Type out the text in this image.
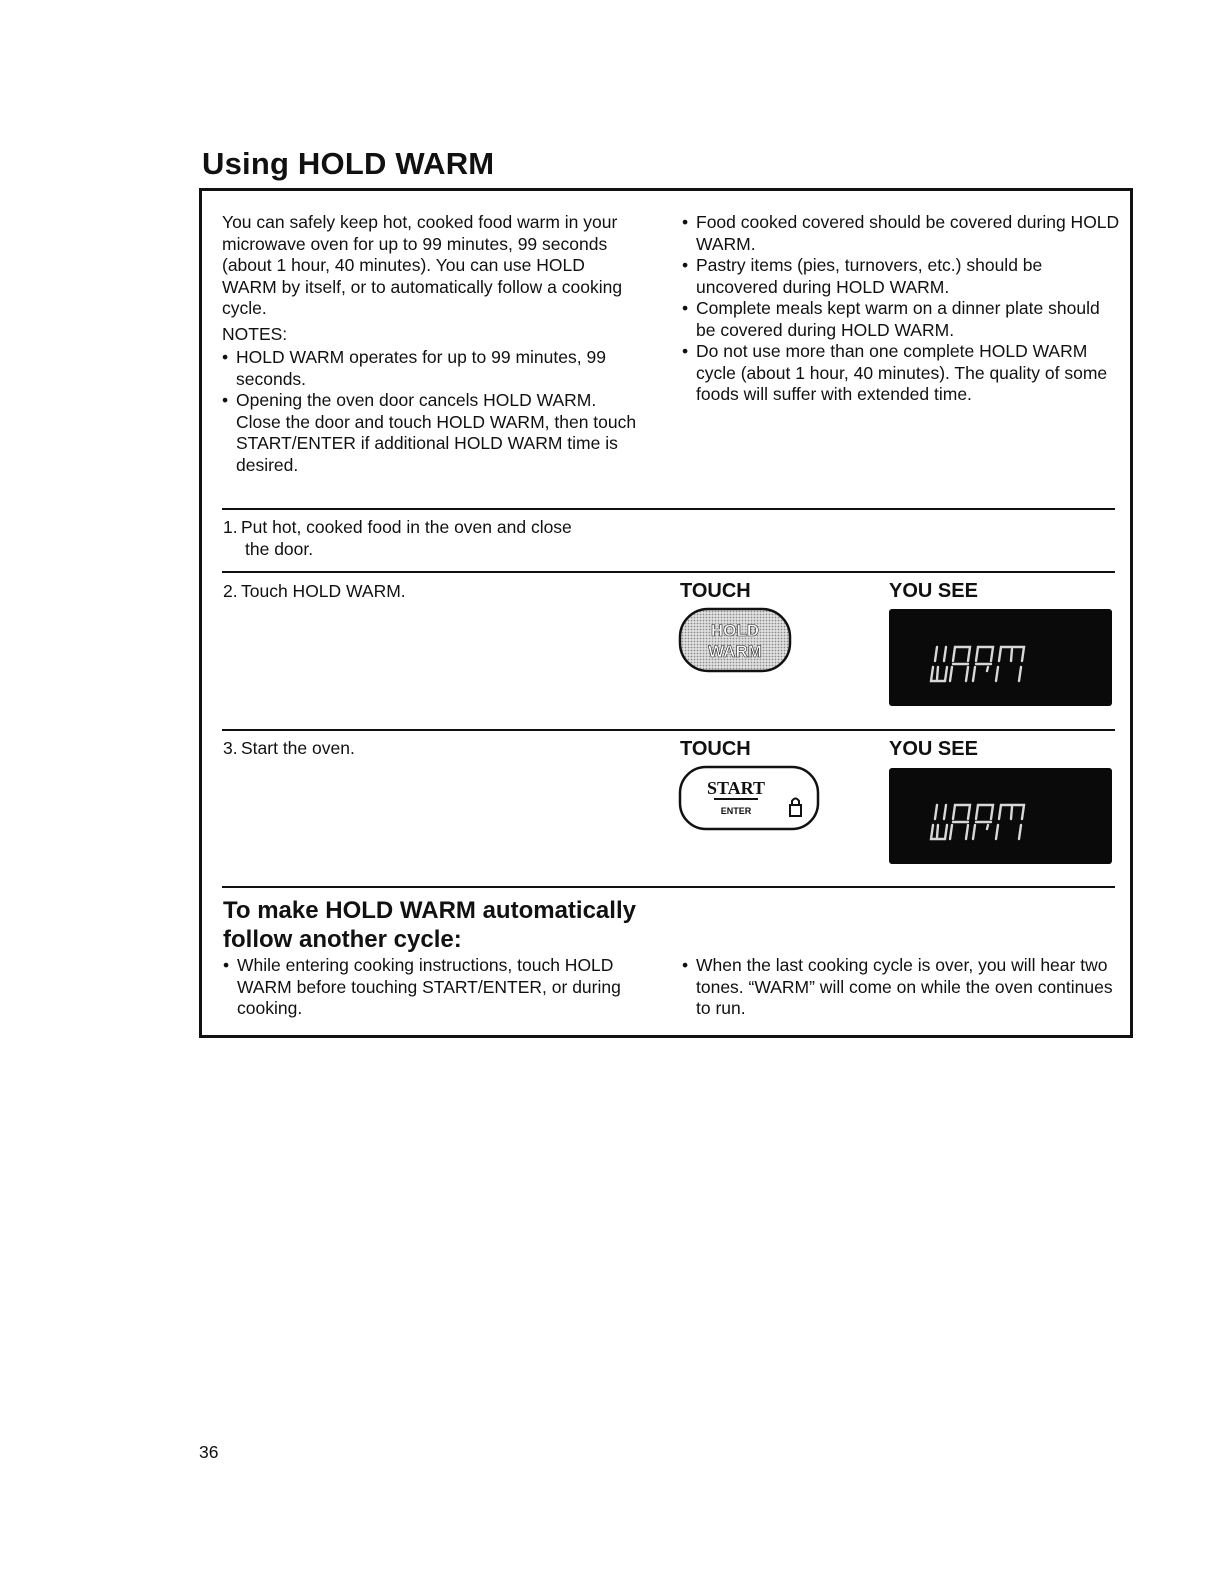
Using HOLD WARM

You can safely keep hot, cooked food warm in your microwave oven for up to 99 minutes, 99 seconds (about 1 hour, 40 minutes). You can use HOLD WARM by itself, or to automatically follow a cooking cycle.

NOTES:

• HOLD WARM operates for up to 99 minutes, 99 seconds.

• Opening the oven door cancels HOLD WARM. Close the door and touch HOLD WARM, then touch START/ENTER if additional HOLD WARM time is desired.

• Food cooked covered should be covered during HOLD WARM.

• Pastry items (pies, turnovers, etc.) should be uncovered during HOLD WARM.

• Complete meals kept warm on a dinner plate should be covered during HOLD WARM.

• Do not use more than one complete HOLD WARM cycle (about 1 hour, 40 minutes). The quality of some foods will suffer with extended time.

1. Put hot, cooked food in the oven and close
the door.
2. Touch HOLD WARM.	TOUCH	YOU SEE
HOLD
WARM
3. Start the oven.	TOUCH	YOU SEE
START
ENTER
To make HOLD WARM automatically
follow another cycle:

• While entering cooking instructions, touch HOLD WARM before touching START/ENTER, or during cooking.

• When the last cooking cycle is over, you will hear two tones. “WARM” will come on while the oven continues to run.

36
